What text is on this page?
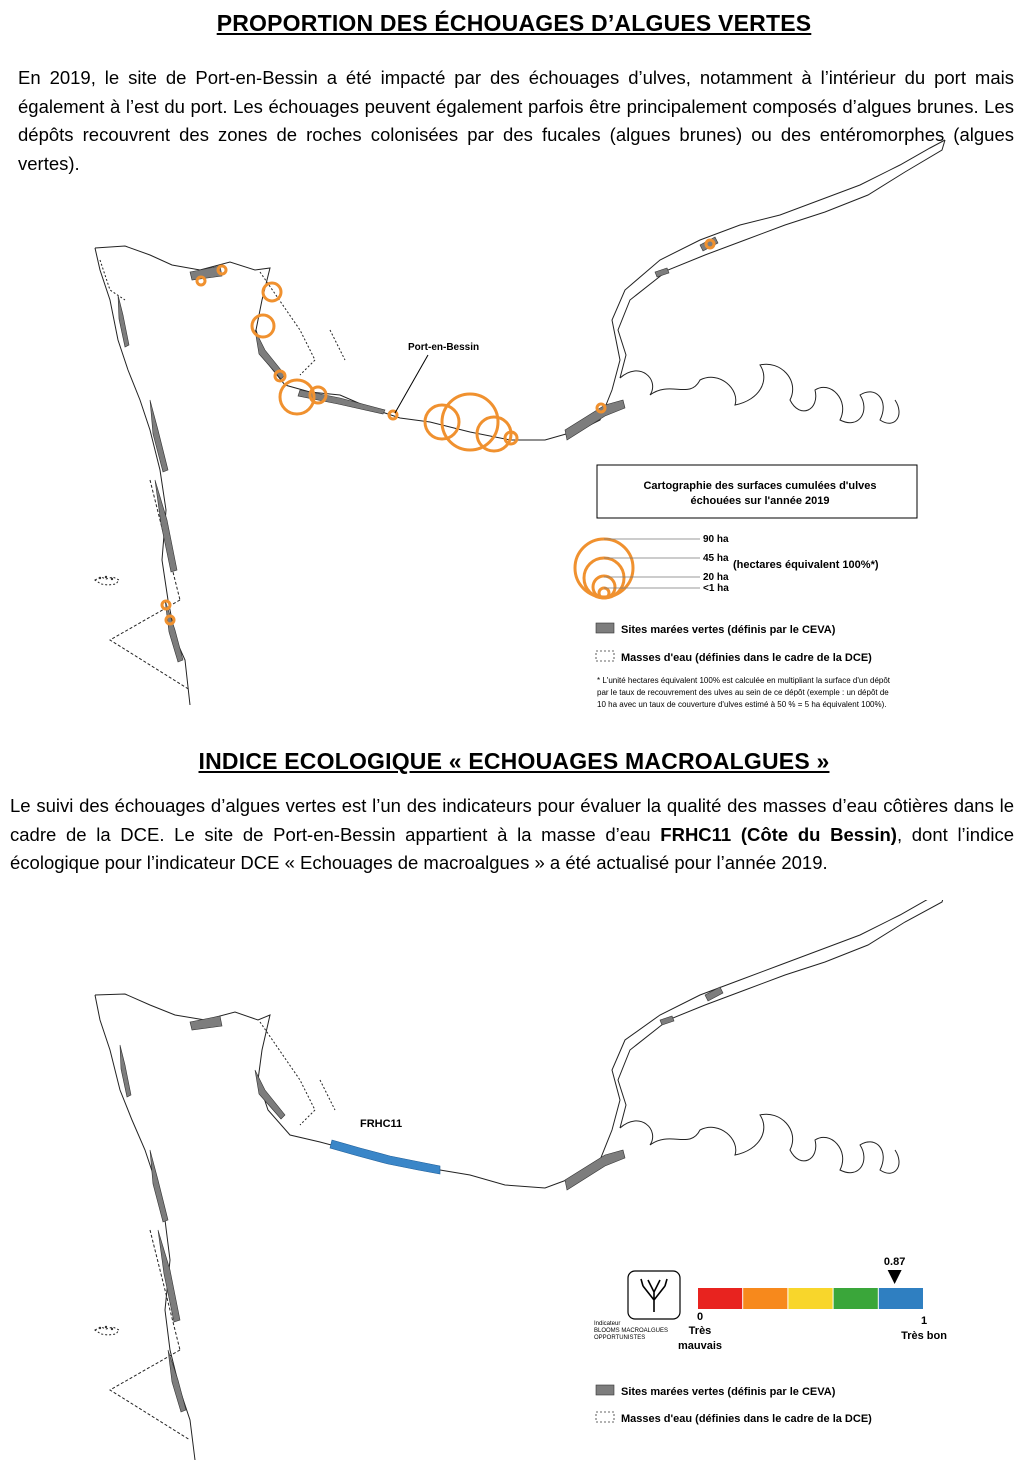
PROPORTION DES ÉCHOUAGES D’ALGUES VERTES
En 2019, le site de Port-en-Bessin a été impacté par des échouages d’ulves, notamment à l’intérieur du port mais également à l’est du port. Les échouages peuvent également parfois être principalement composés d’algues brunes. Les dépôts recouvrent des zones de roches colonisées par des fucales (algues brunes) ou des entéromorphes (algues vertes).
Port-en-Bessin
Cartographie des surfaces cumulées d'ulves
échouées sur l'année 2019
90 ha
45 ha
20 ha
<1 ha
(hectares équivalent 100%*)
Sites marées vertes (définis par le CEVA)
Masses d'eau (définies dans le cadre de la DCE)
* L'unité hectares équivalent 100% est calculée en multipliant la surface d'un dépôt
par le taux de recouvrement des ulves au sein de ce dépôt (exemple : un dépôt de
10 ha avec un taux de couverture d'ulves estimé à 50 % = 5 ha équivalent 100%).
INDICE ECOLOGIQUE « ECHOUAGES MACROALGUES »
Le suivi des échouages d’algues vertes est l’un des indicateurs pour évaluer la qualité des masses d’eau côtières dans le cadre de la DCE. Le site de Port-en-Bessin appartient à la masse d’eau FRHC11 (Côte du Bessin), dont l’indice écologique pour l’indicateur DCE « Echouages de macroalgues » a été actualisé pour l’année 2019.
FRHC11
Indicateur
BLOOMS MACROALGUES
OPPORTUNISTES
0.87
0	1
Très
mauvais
Très bon
Sites marées vertes (définis par le CEVA)
Masses d'eau (définies dans le cadre de la DCE)
